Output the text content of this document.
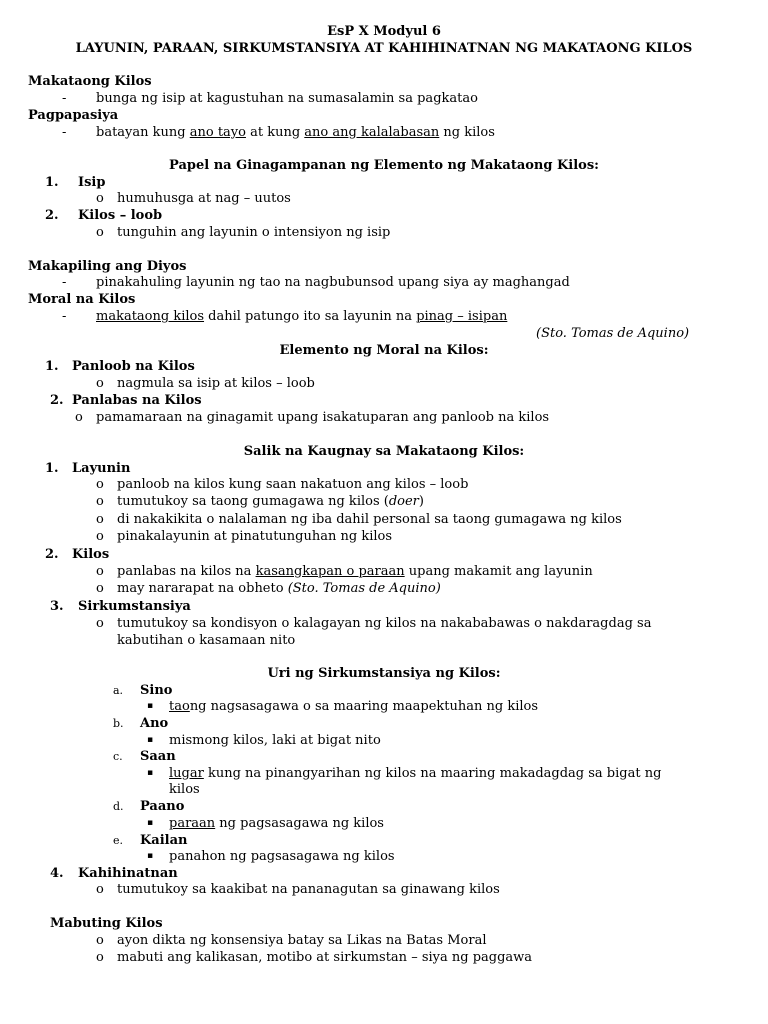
EsP X Modyul 6
LAYUNIN, PARAAN, SIRKUMSTANSIYA AT KAHIHINATNAN NG MAKATAONG KILOS
Makataong Kilos
- bunga ng isip at kagustuhan na sumasalamin sa pagkatao
Pagpapasiya
- batayan kung ano tayo at kung ano ang kalalabasan ng kilos
Papel na Ginagampanan ng Elemento ng Makataong Kilos:
1. Isip
o humuhusga at nag – uutos
2. Kilos – loob
o tunguhin ang layunin o intensiyon ng isip
Makapiling ang Diyos
- pinakahuling layunin ng tao na nagbubunsod upang siya ay maghangad
Moral na Kilos
- makataong kilos dahil patungo ito sa layunin na pinag – isipan
(Sto. Tomas de Aquino)
Elemento ng Moral na Kilos:
1. Panloob na Kilos
o nagmula sa isip at kilos – loob
2. Panlabas na Kilos
o pamamaraan na ginagamit upang isakatuparan ang panloob na kilos
Salik na Kaugnay sa Makataong Kilos:
1. Layunin
o panloob na kilos kung saan nakatuon ang kilos – loob
o tumutukoy sa taong gumagawa ng kilos (doer)
o di nakakikita o nalalaman ng iba dahil personal sa taong gumagawa ng kilos
o pinakalayunin at pinatutunguhan ng kilos
2. Kilos
o panlabas na kilos na kasangkapan o paraan upang makamit ang layunin
o may nararapat na obheto (Sto. Tomas de Aquino)
3. Sirkumstansiya
o tumutukoy sa kondisyon o kalagayan ng kilos na nakababawas o nakdaragdag sa
kabutihan o kasamaan nito
Uri ng Sirkumstansiya ng Kilos:
a. Sino
▪ taong nagsasagawa o sa maaring maapektuhan ng kilos
b. Ano
▪ mismong kilos, laki at bigat nito
c. Saan
▪ lugar kung na pinangyarihan ng kilos na maaring makadagdag sa bigat ng
kilos
d. Paano
▪ paraan ng pagsasagawa ng kilos
e. Kailan
▪ panahon ng pagsasagawa ng kilos
4. Kahihinatnan
o tumutukoy sa kaakibat na pananagutan sa ginawang kilos
Mabuting Kilos
o ayon dikta ng konsensiya batay sa Likas na Batas Moral
o mabuti ang kalikasan, motibo at sirkumstan – siya ng paggawa
